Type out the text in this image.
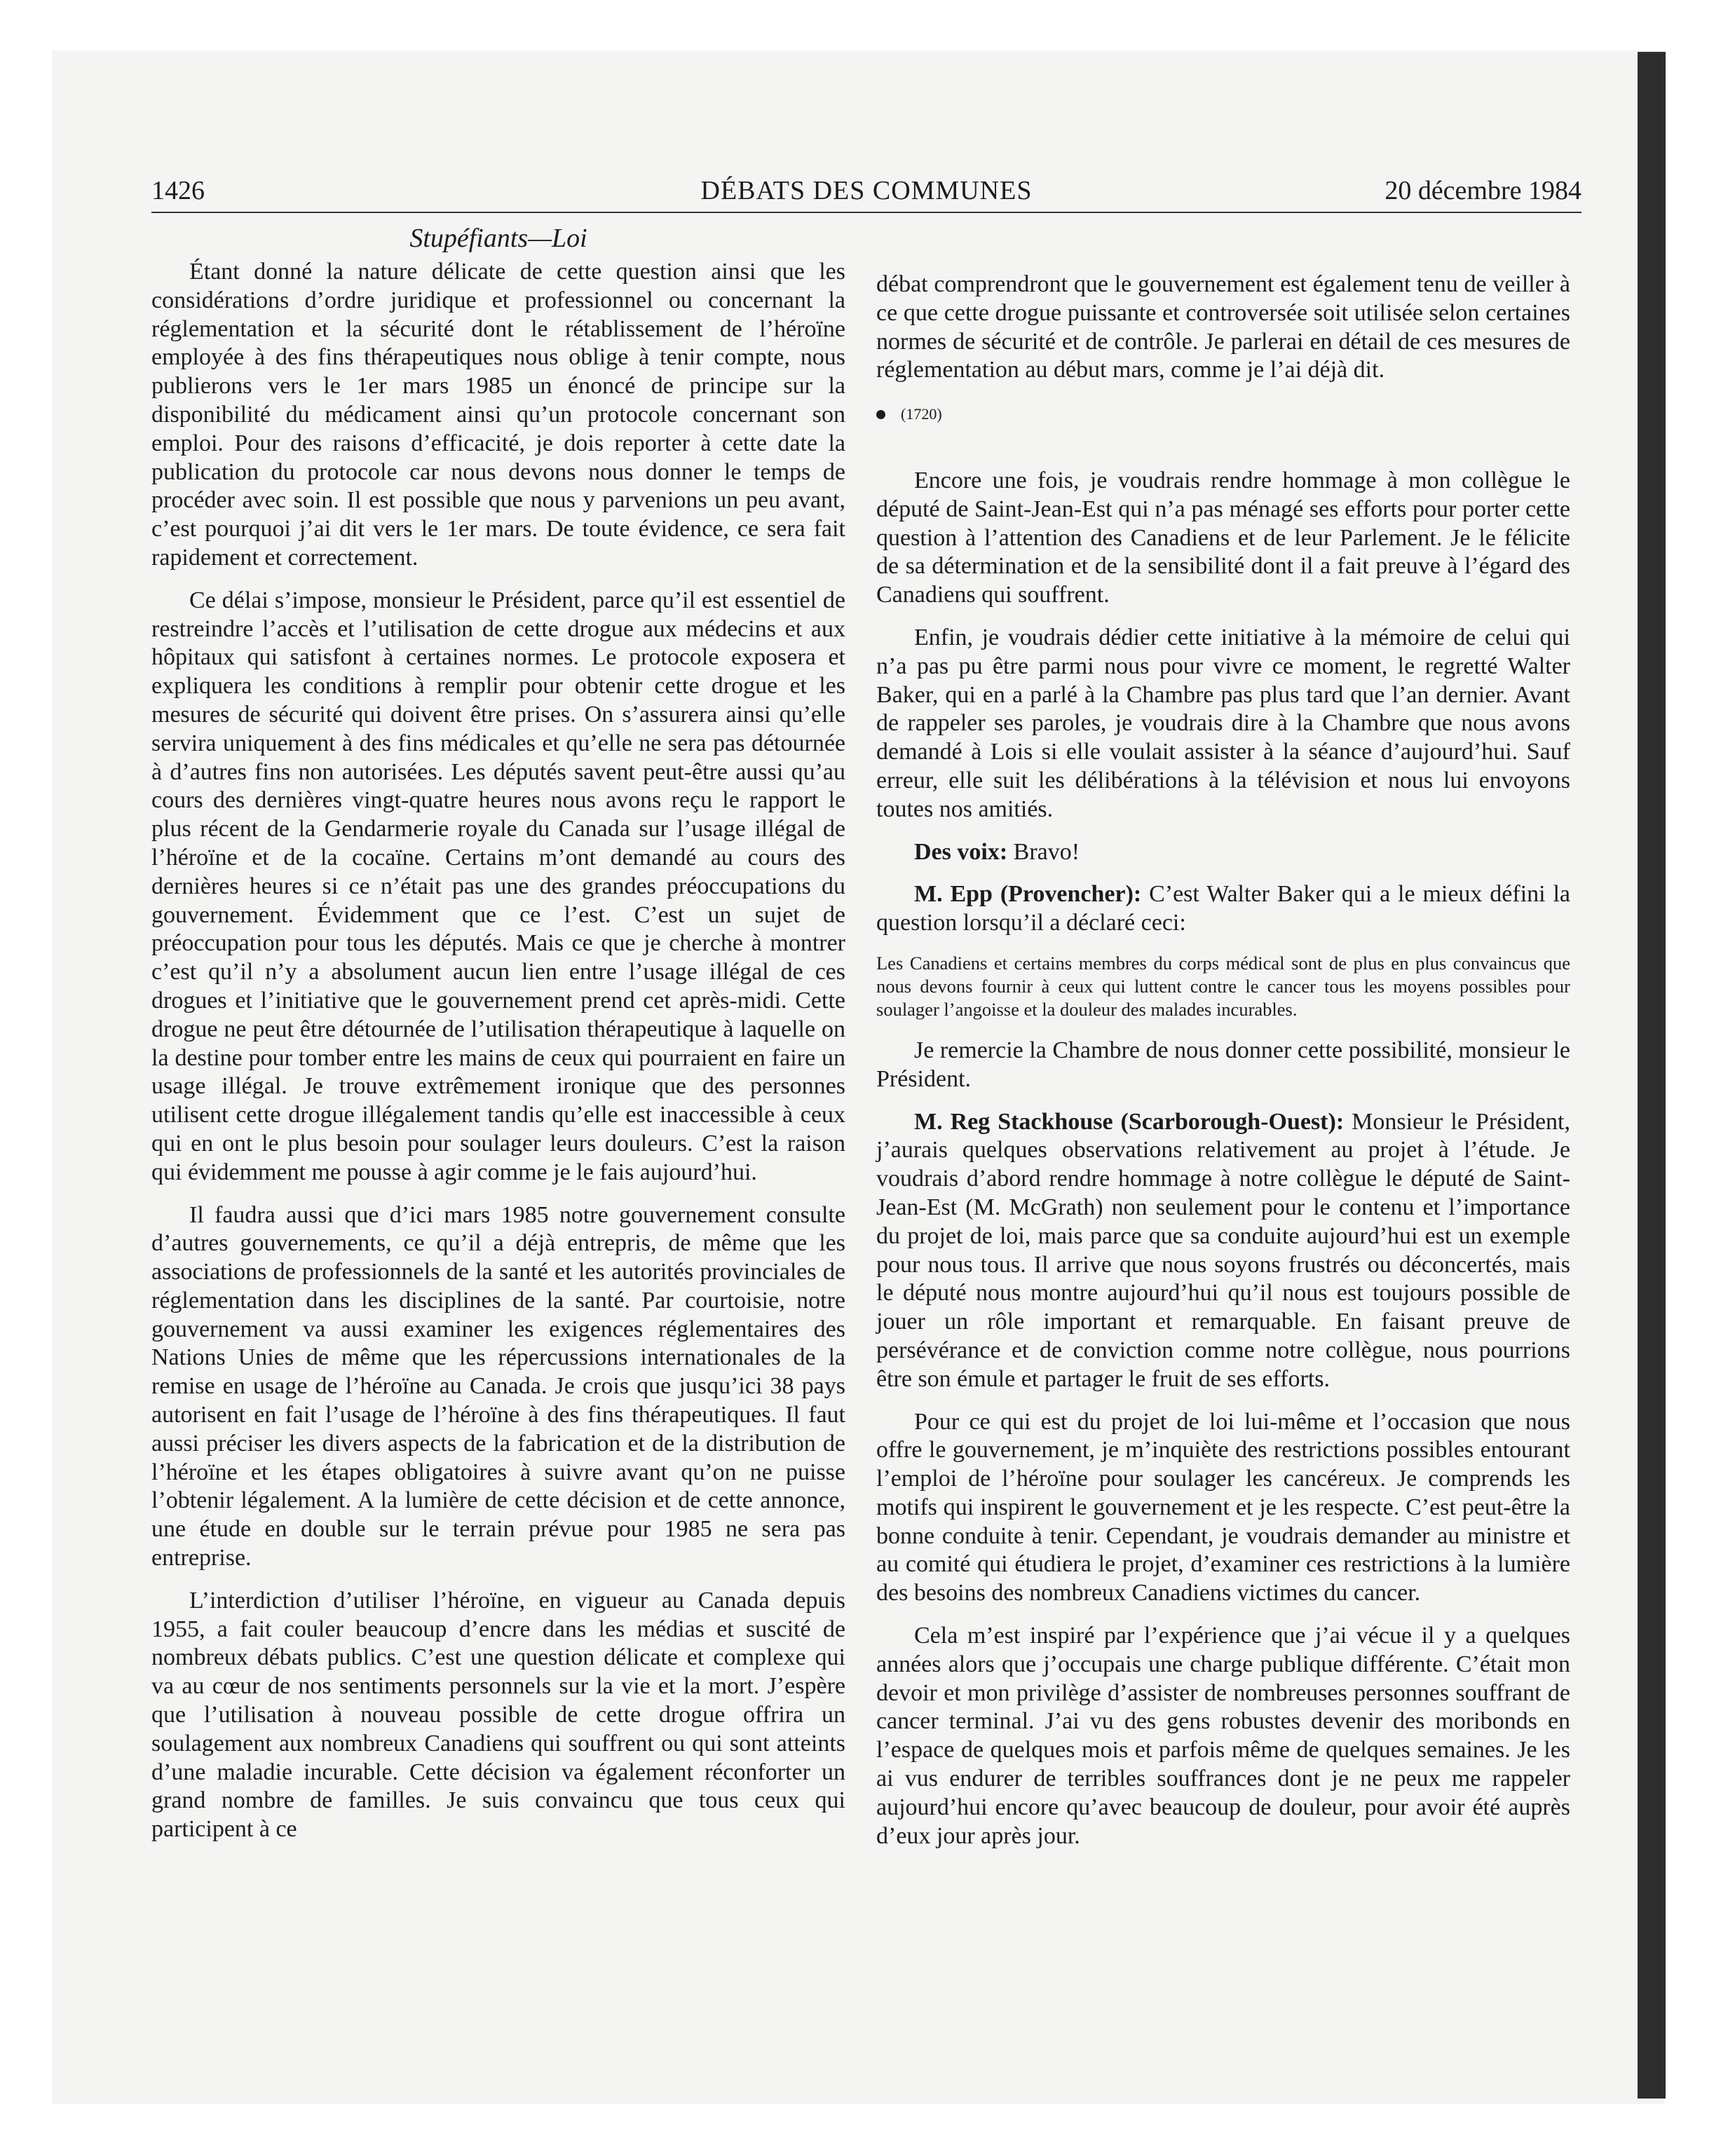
1426	DÉBATS DES COMMUNES	20 décembre 1984
Stupéfiants—Loi

Étant donné la nature délicate de cette question ainsi que les considérations d’ordre juridique et professionnel ou concernant la réglementation et la sécurité dont le rétablissement de l’héroïne employée à des fins thérapeutiques nous oblige à tenir compte, nous publierons vers le 1er mars 1985 un énoncé de principe sur la disponibilité du médicament ainsi qu’un protocole concernant son emploi. Pour des raisons d’efficacité, je dois reporter à cette date la publication du protocole car nous devons nous donner le temps de procéder avec soin. Il est possible que nous y parvenions un peu avant, c’est pourquoi j’ai dit vers le 1er mars. De toute évidence, ce sera fait rapidement et correctement.

Ce délai s’impose, monsieur le Président, parce qu’il est essentiel de restreindre l’accès et l’utilisation de cette drogue aux médecins et aux hôpitaux qui satisfont à certaines normes. Le protocole exposera et expliquera les conditions à remplir pour obtenir cette drogue et les mesures de sécurité qui doivent être prises. On s’assurera ainsi qu’elle servira uniquement à des fins médicales et qu’elle ne sera pas détournée à d’autres fins non autorisées. Les députés savent peut-être aussi qu’au cours des dernières vingt-quatre heures nous avons reçu le rapport le plus récent de la Gendarmerie royale du Canada sur l’usage illégal de l’héroïne et de la cocaïne. Certains m’ont demandé au cours des dernières heures si ce n’était pas une des grandes préoccupations du gouvernement. Évidemment que ce l’est. C’est un sujet de préoccupation pour tous les députés. Mais ce que je cherche à montrer c’est qu’il n’y a absolument aucun lien entre l’usage illégal de ces drogues et l’initiative que le gouvernement prend cet après-midi. Cette drogue ne peut être détournée de l’utilisation thérapeutique à laquelle on la destine pour tomber entre les mains de ceux qui pourraient en faire un usage illégal. Je trouve extrêmement ironique que des personnes utilisent cette drogue illégalement tandis qu’elle est inaccessible à ceux qui en ont le plus besoin pour soulager leurs douleurs. C’est la raison qui évidemment me pousse à agir comme je le fais aujourd’hui.

Il faudra aussi que d’ici mars 1985 notre gouvernement consulte d’autres gouvernements, ce qu’il a déjà entrepris, de même que les associations de professionnels de la santé et les autorités provinciales de réglementation dans les disciplines de la santé. Par courtoisie, notre gouvernement va aussi examiner les exigences réglementaires des Nations Unies de même que les répercussions internationales de la remise en usage de l’héroïne au Canada. Je crois que jusqu’ici 38 pays autorisent en fait l’usage de l’héroïne à des fins thérapeutiques. Il faut aussi préciser les divers aspects de la fabrication et de la distribution de l’héroïne et les étapes obligatoires à suivre avant qu’on ne puisse l’obtenir légalement. A la lumière de cette décision et de cette annonce, une étude en double sur le terrain prévue pour 1985 ne sera pas entreprise.

L’interdiction d’utiliser l’héroïne, en vigueur au Canada depuis 1955, a fait couler beaucoup d’encre dans les médias et suscité de nombreux débats publics. C’est une question délicate et complexe qui va au cœur de nos sentiments personnels sur la vie et la mort. J’espère que l’utilisation à nouveau possible de cette drogue offrira un soulagement aux nombreux Canadiens qui souffrent ou qui sont atteints d’une maladie incurable. Cette décision va également réconforter un grand nombre de familles. Je suis convaincu que tous ceux qui participent à ce

débat comprendront que le gouvernement est également tenu de veiller à ce que cette drogue puissante et controversée soit utilisée selon certaines normes de sécurité et de contrôle. Je parlerai en détail de ces mesures de réglementation au début mars, comme je l’ai déjà dit.

(1720)

Encore une fois, je voudrais rendre hommage à mon collègue le député de Saint-Jean-Est qui n’a pas ménagé ses efforts pour porter cette question à l’attention des Canadiens et de leur Parlement. Je le félicite de sa détermination et de la sensibilité dont il a fait preuve à l’égard des Canadiens qui souffrent.

Enfin, je voudrais dédier cette initiative à la mémoire de celui qui n’a pas pu être parmi nous pour vivre ce moment, le regretté Walter Baker, qui en a parlé à la Chambre pas plus tard que l’an dernier. Avant de rappeler ses paroles, je voudrais dire à la Chambre que nous avons demandé à Lois si elle voulait assister à la séance d’aujourd’hui. Sauf erreur, elle suit les délibérations à la télévision et nous lui envoyons toutes nos amitiés.

Des voix: Bravo!

M. Epp (Provencher): C’est Walter Baker qui a le mieux défini la question lorsqu’il a déclaré ceci:

Les Canadiens et certains membres du corps médical sont de plus en plus convaincus que nous devons fournir à ceux qui luttent contre le cancer tous les moyens possibles pour soulager l’angoisse et la douleur des malades incurables.

Je remercie la Chambre de nous donner cette possibilité, monsieur le Président.

M. Reg Stackhouse (Scarborough-Ouest): Monsieur le Président, j’aurais quelques observations relativement au projet à l’étude. Je voudrais d’abord rendre hommage à notre collègue le député de Saint-Jean-Est (M. McGrath) non seulement pour le contenu et l’importance du projet de loi, mais parce que sa conduite aujourd’hui est un exemple pour nous tous. Il arrive que nous soyons frustrés ou déconcertés, mais le député nous montre aujourd’hui qu’il nous est toujours possible de jouer un rôle important et remarquable. En faisant preuve de persévérance et de conviction comme notre collègue, nous pourrions être son émule et partager le fruit de ses efforts.

Pour ce qui est du projet de loi lui-même et l’occasion que nous offre le gouvernement, je m’inquiète des restrictions possibles entourant l’emploi de l’héroïne pour soulager les cancéreux. Je comprends les motifs qui inspirent le gouvernement et je les respecte. C’est peut-être la bonne conduite à tenir. Cependant, je voudrais demander au ministre et au comité qui étudiera le projet, d’examiner ces restrictions à la lumière des besoins des nombreux Canadiens victimes du cancer.

Cela m’est inspiré par l’expérience que j’ai vécue il y a quelques années alors que j’occupais une charge publique différente. C’était mon devoir et mon privilège d’assister de nombreuses personnes souffrant de cancer terminal. J’ai vu des gens robustes devenir des moribonds en l’espace de quelques mois et parfois même de quelques semaines. Je les ai vus endurer de terribles souffrances dont je ne peux me rappeler aujourd’hui encore qu’avec beaucoup de douleur, pour avoir été auprès d’eux jour après jour.
